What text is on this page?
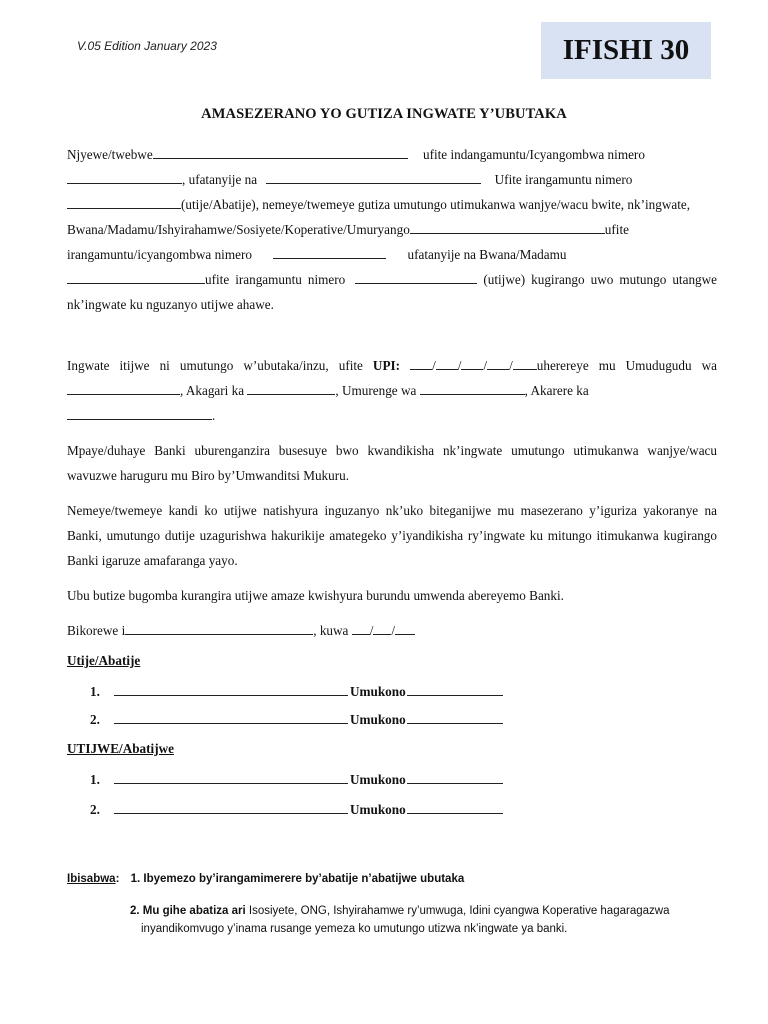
V.05 Edition January 2023	IFISHI 30
AMASEZERANO YO GUTIZA INGWATE Y’UBUTAKA
Njyewe/twebwe	ufite indangamuntu/Icyangombwa nimero
, ufatanyije na	Ufite irangamuntu nimero
(utije/Abatije), nemeye/twemeye gutiza umutungo utimukanwa wanjye/wacu bwite, nk’ingwate,
Bwana/Madamu/Ishyirahamwe/Sosiyete/Koperative/Umuryango	ufite irangamuntu/icyangombwa nimero	ufatanyije na Bwana/Madamu
ufite irangamuntu nimero	(utijwe) kugirango uwo mutungo utangwe nk’ingwate ku nguzanyo utijwe ahawe.
Ingwate itijwe ni umutungo w’ubutaka/inzu, ufite UPI: / / / / uherereye mu Umudugudu wa, Akagari ka	, Umurenge wa	, Akarere ka
.
Mpaye/duhaye Banki uburenganzira busesuye bwo kwandikisha nk’ingwate umutungo utimukanwa wanjye/wacu wavuzwe haruguru mu Biro by’Umwanditsi Mukuru.
Nemeye/twemeye kandi ko utijwe natishyura inguzanyo nk’uko biteganijwe mu masezerano y’iguriza yakoranye na Banki, umutungo dutije uzagurishwa hakurikije amategeko y’iyandikisha ry’ingwate ku mitungo itimukanwa kugirango Banki igaruze amafaranga yayo.
Ubu butize bugomba kurangira utijwe amaze kwishyura burundu umwenda abereyemo Banki.
Bikorewe i	, kuwa / /
Utije/Abatije
1.	Umukono
2.	Umukono
UTIJWE/Abatijwe
1.	Umukono
2.	Umukono
Ibisabwa: 1. Ibyemezo by’irangamimerere by’abatije n’abatijwe ubutaka
2. Mu gihe abatiza ari Isosiyete, ONG, Ishyirahamwe ry’umwuga, Idini cyangwa Koperative hagaragazwa
inyandikomvugo y’inama rusange yemeza ko umutungo utizwa nk’ingwate ya banki.
